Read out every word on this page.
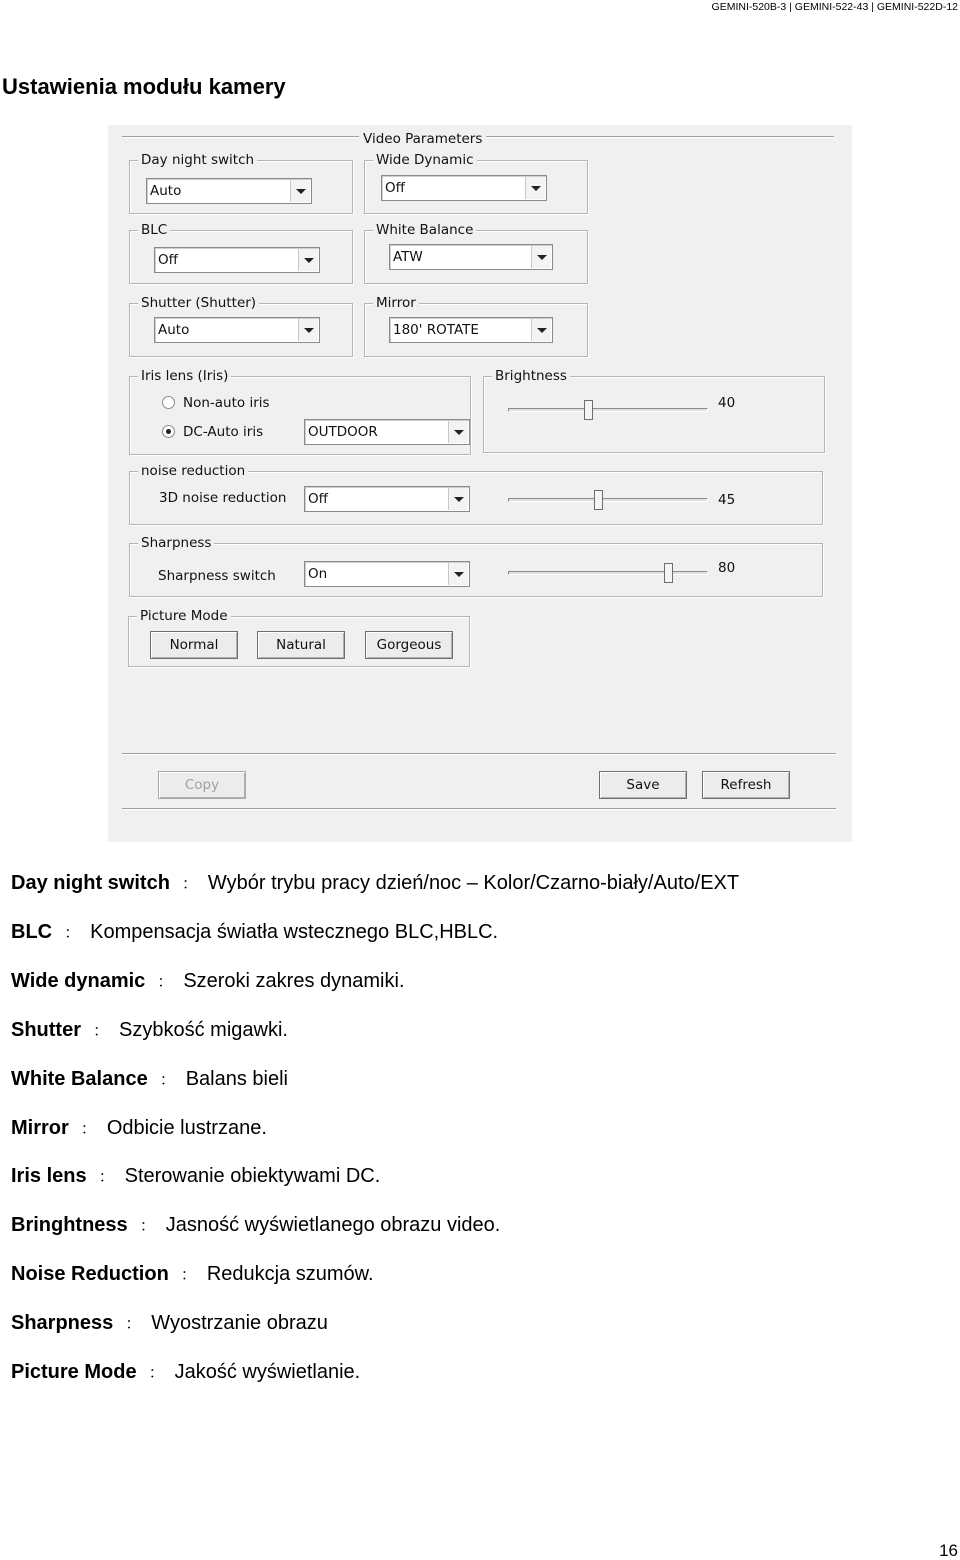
GEMINI-520B-3 | GEMINI-522-43 | GEMINI-522D-12
Ustawienia modułu kamery
Video Parameters
Day night switch
Auto
Wide Dynamic
Off
BLC
Off
White Balance
ATW
Shutter (Shutter)
Auto
Mirror
180' ROTATE
Iris lens (Iris)
Non-auto iris
DC-Auto iris	OUTDOOR
Brightness
40
noise reduction
3D noise reduction Off	45
Sharpness
Sharpness switch On	80
Picture Mode
Normal	Natural	Gorgeous
Copy	Save	Refresh
Day night switch ： Wybór trybu pracy dzień/noc – Kolor/Czarno-biały/Auto/EXT
BLC ： Kompensacja światła wstecznego BLC,HBLC.
Wide dynamic ： Szeroki zakres dynamiki.
Shutter ： Szybkość migawki.
White Balance ： Balans bieli
Mirror ： Odbicie lustrzane.
Iris lens ： Sterowanie obiektywami DC.
Bringhtness ： Jasność wyświetlanego obrazu video.
Noise Reduction ： Redukcja szumów.
Sharpness ： Wyostrzanie obrazu
Picture Mode ： Jakość wyświetlanie.
16
